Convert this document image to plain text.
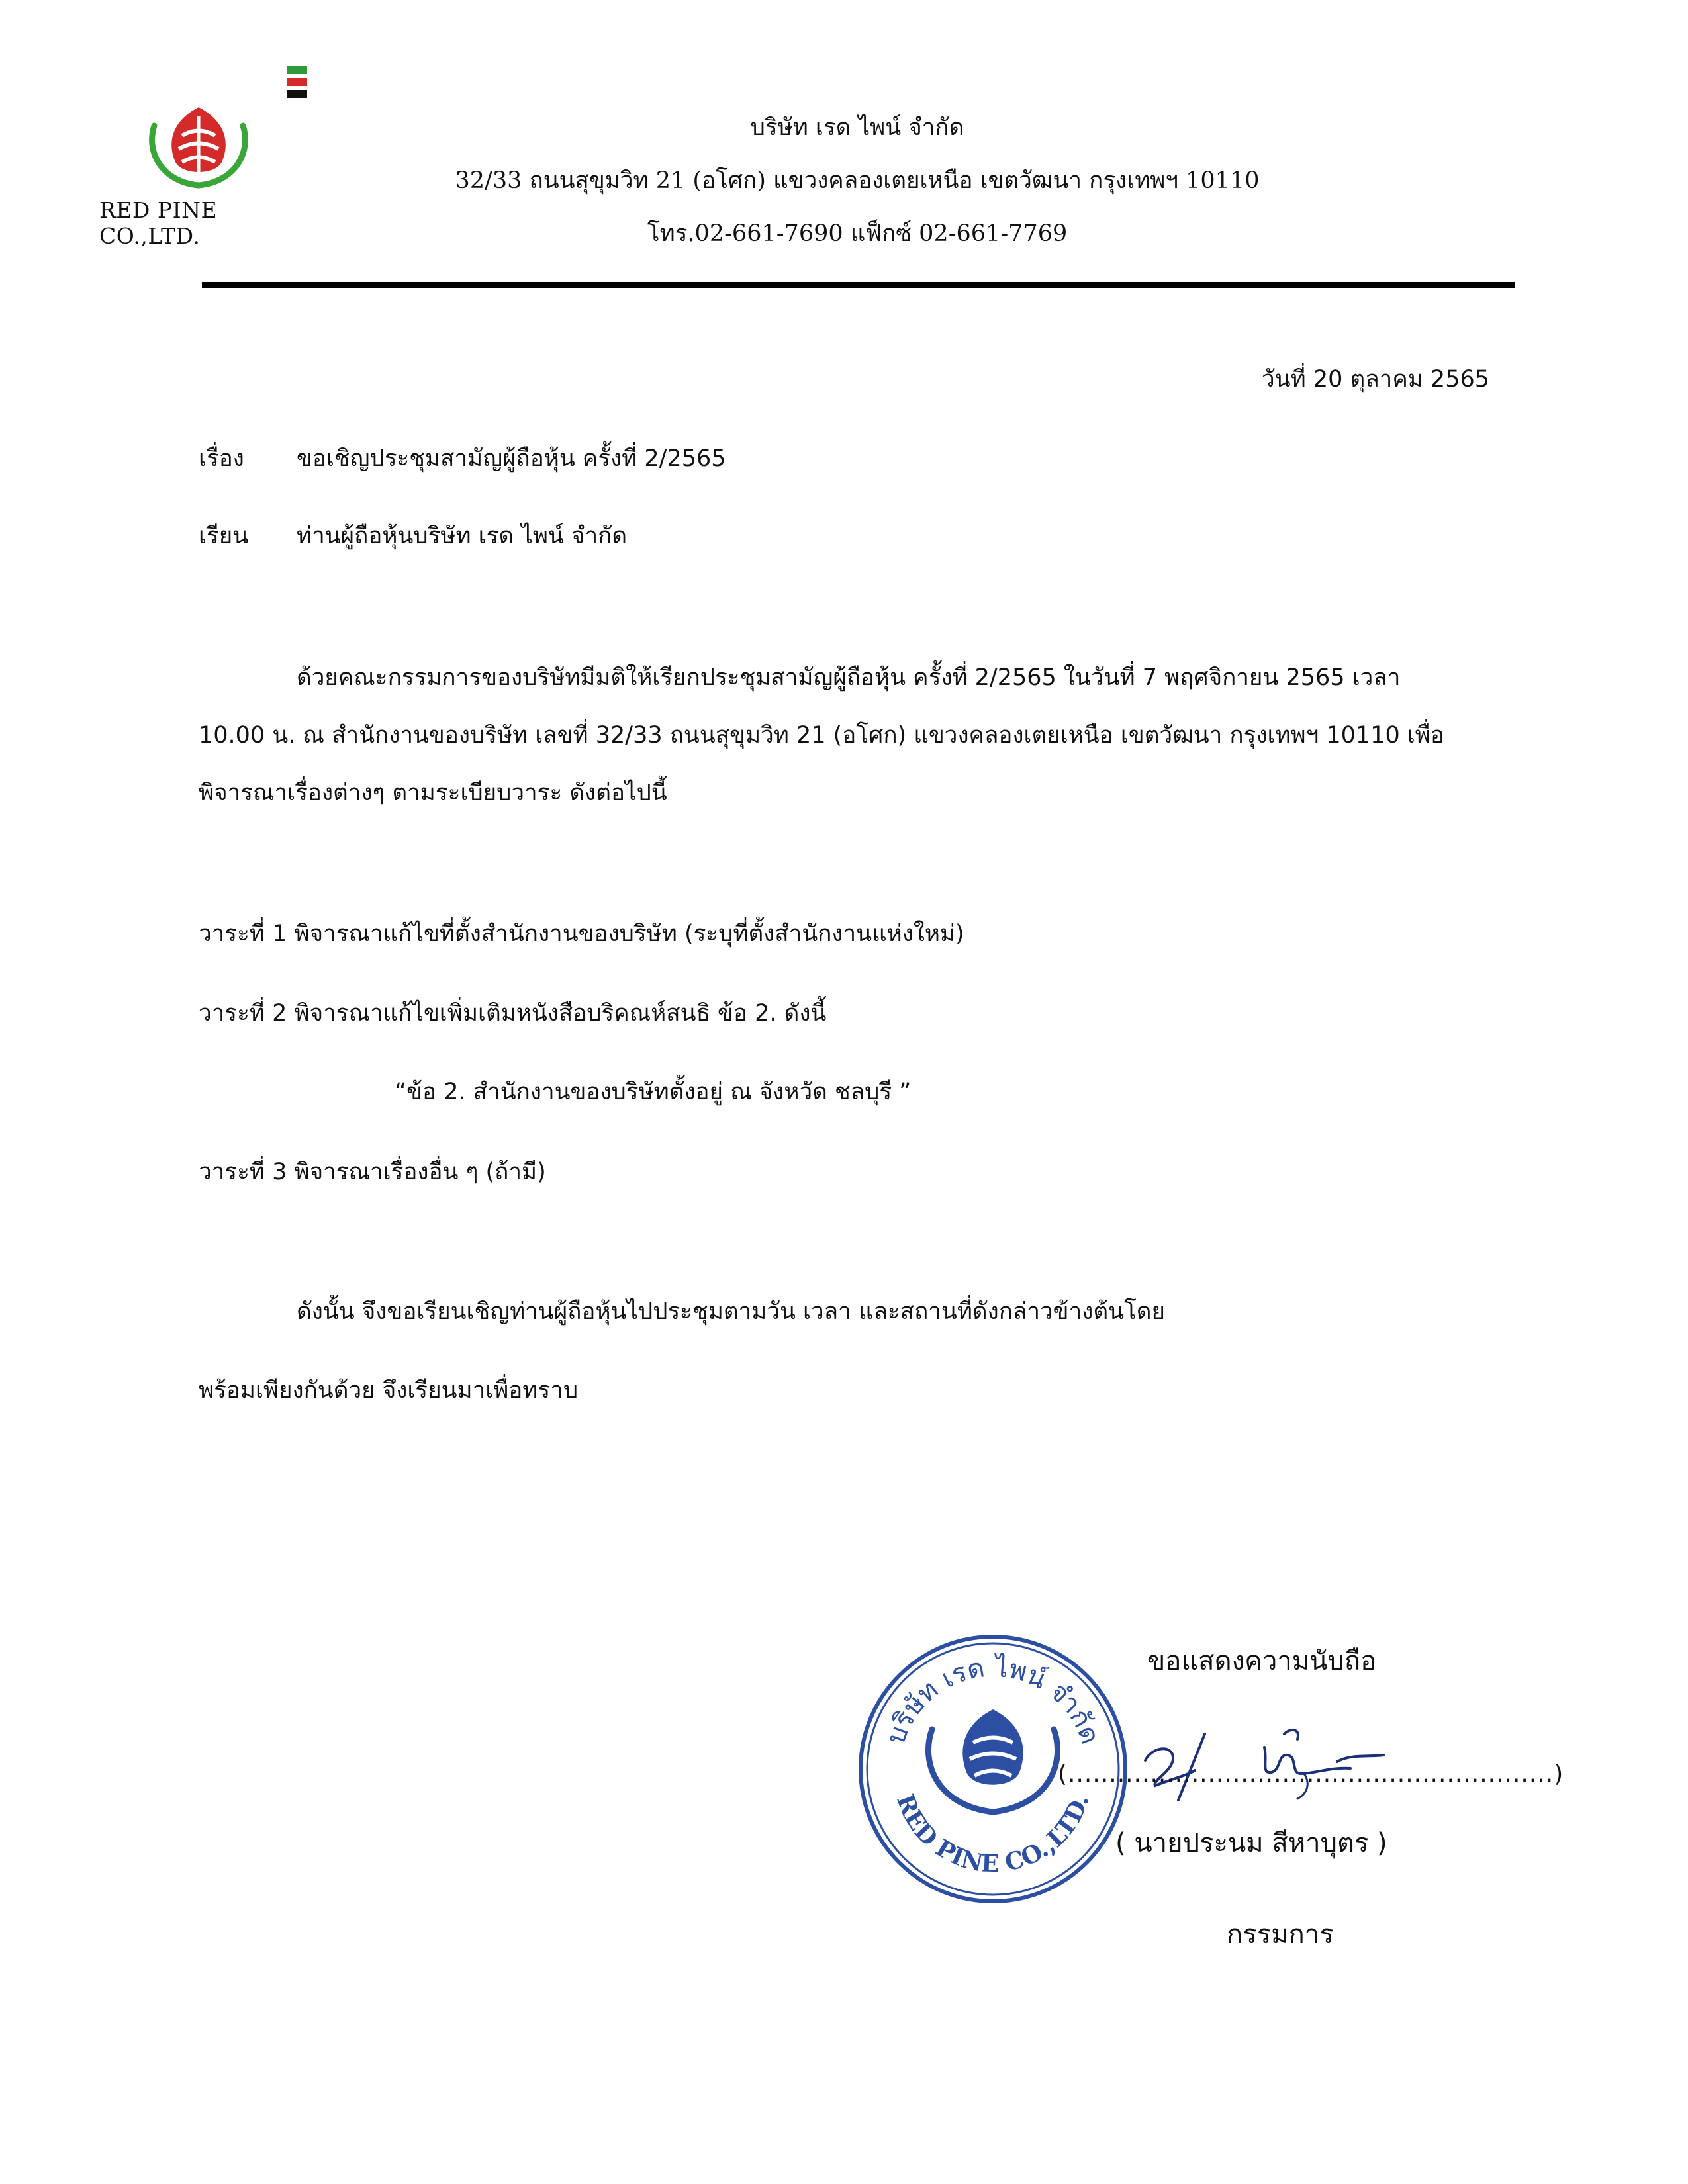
RED PINE CO.,LTD.
บริษัท เรด ไพน์ จำกัด
32/33 ถนนสุขุมวิท 21 (อโศก) แขวงคลองเตยเหนือ เขตวัฒนา กรุงเทพฯ 10110
โทร.02-661-7690 แฟ็กซ์ 02-661-7769
วันที่ 20 ตุลาคม 2565
เรื่อง ขอเชิญประชุมสามัญผู้ถือหุ้น ครั้งที่ 2/2565
เรียน ท่านผู้ถือหุ้นบริษัท เรด ไพน์ จำกัด
ด้วยคณะกรรมการของบริษัทมีมติให้เรียกประชุมสามัญผู้ถือหุ้น ครั้งที่ 2/2565 ในวันที่ 7 พฤศจิกายน 2565 เวลา
10.00 น. ณ สำนักงานของบริษัท เลขที่ 32/33 ถนนสุขุมวิท 21 (อโศก) แขวงคลองเตยเหนือ เขตวัฒนา กรุงเทพฯ 10110 เพื่อ
พิจารณาเรื่องต่างๆ ตามระเบียบวาระ ดังต่อไปนี้
วาระที่ 1 พิจารณาแก้ไขที่ตั้งสำนักงานของบริษัท (ระบุที่ตั้งสำนักงานแห่งใหม่)
วาระที่ 2 พิจารณาแก้ไขเพิ่มเติมหนังสือบริคณห์สนธิ ข้อ 2. ดังนี้
“ข้อ 2. สำนักงานของบริษัทตั้งอยู่ ณ จังหวัด ชลบุรี ”
วาระที่ 3 พิจารณาเรื่องอื่น ๆ (ถ้ามี)
ดังนั้น จึงขอเรียนเชิญท่านผู้ถือหุ้นไปประชุมตามวัน เวลา และสถานที่ดังกล่าวข้างต้นโดย
พร้อมเพียงกันด้วย จึงเรียนมาเพื่อทราบ
ขอแสดงความนับถือ
บริษัท เรด ไพน์ จำกัด
RED PINE CO.,LTD.
(...........................................................)
( นายประนม สีหาบุตร )
กรรมการ
